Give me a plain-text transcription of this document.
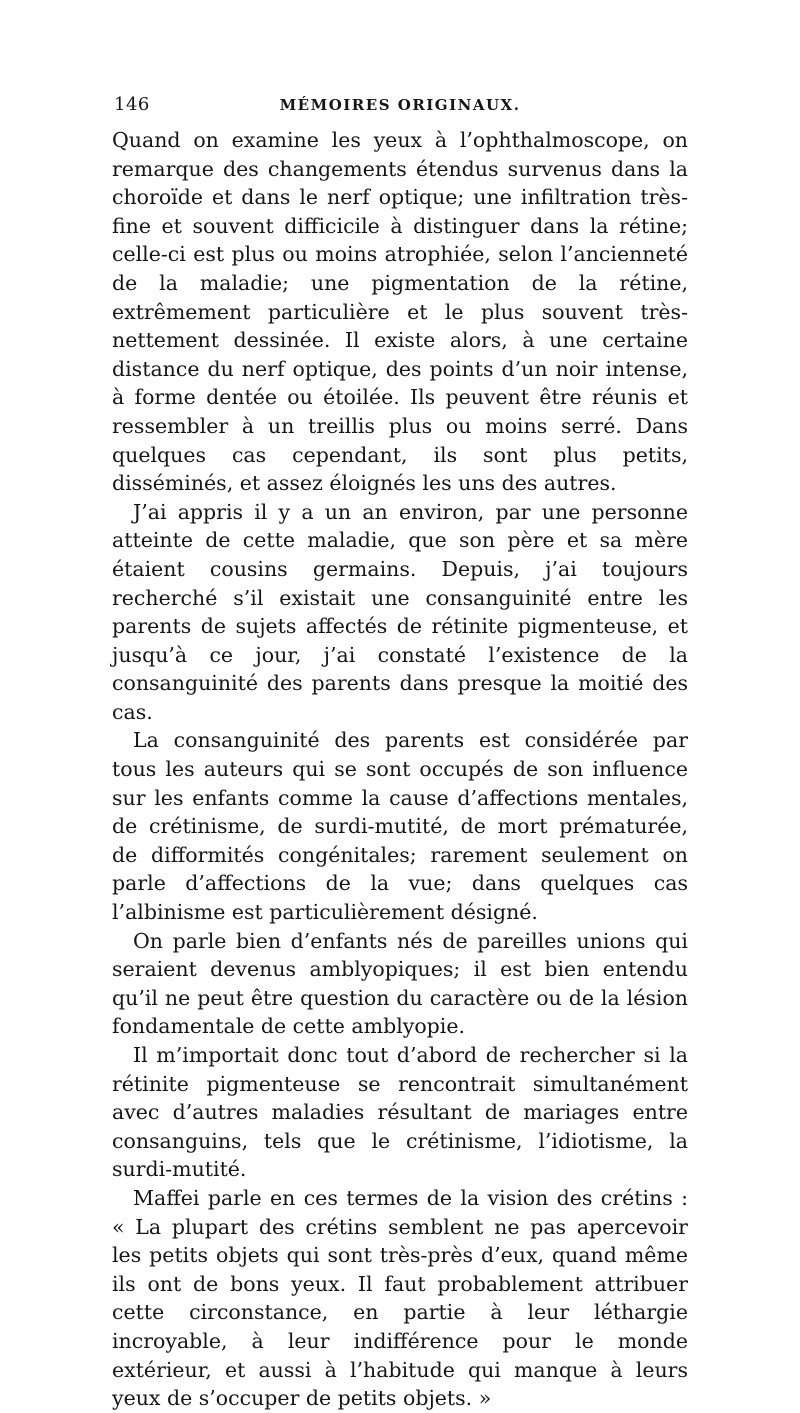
146	MÉMOIRES ORIGINAUX.

Quand on examine les yeux à l’ophthalmoscope, on remarque des changements étendus survenus dans la choroïde et dans le nerf optique; une infiltration très-fine et souvent difficicile à distinguer dans la rétine; celle-ci est plus ou moins atrophiée, selon l’ancienneté de la maladie; une pigmentation de la rétine, extrêmement particulière et le plus souvent très-nettement dessinée. Il existe alors, à une certaine distance du nerf optique, des points d’un noir intense, à forme dentée ou étoilée. Ils peuvent être réunis et ressembler à un treillis plus ou moins serré. Dans quelques cas cependant, ils sont plus petits, disséminés, et assez éloignés les uns des autres.

J’ai appris il y a un an environ, par une personne atteinte de cette maladie, que son père et sa mère étaient cousins germains. Depuis, j’ai toujours recherché s’il existait une consanguinité entre les parents de sujets affectés de rétinite pigmenteuse, et jusqu’à ce jour, j’ai constaté l’existence de la consanguinité des parents dans presque la moitié des cas.

La consanguinité des parents est considérée par tous les auteurs qui se sont occupés de son influence sur les enfants comme la cause d’affections mentales, de crétinisme, de surdi-mutité, de mort prématurée, de difformités congénitales; rarement seulement on parle d’affections de la vue; dans quelques cas l’albinisme est particulièrement désigné.

On parle bien d’enfants nés de pareilles unions qui seraient devenus amblyopiques; il est bien entendu qu’il ne peut être question du caractère ou de la lésion fondamentale de cette amblyopie.

Il m’importait donc tout d’abord de rechercher si la rétinite pigmenteuse se rencontrait simultanément avec d’autres maladies résultant de mariages entre consanguins, tels que le crétinisme, l’idiotisme, la surdi-mutité.

Maffei parle en ces termes de la vision des crétins : « La plupart des crétins semblent ne pas apercevoir les petits objets qui sont très-près d’eux, quand même ils ont de bons yeux. Il faut probablement attribuer cette circonstance, en partie à leur léthargie incroyable, à leur indifférence pour le monde extérieur, et aussi à l’habitude qui manque à leurs yeux de s’occuper de petits objets. »
